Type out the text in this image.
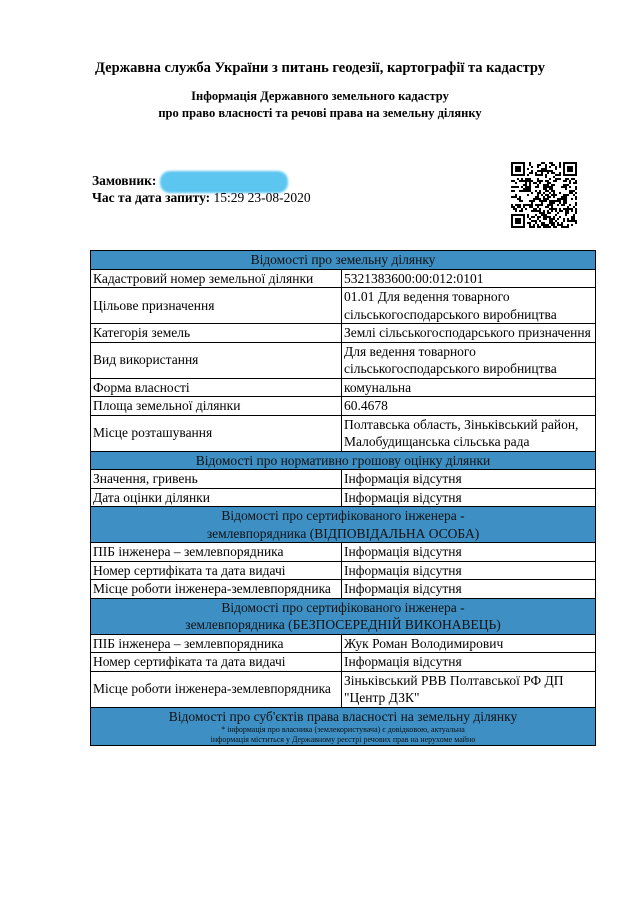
Державна служба України з питань геодезії, картографії та кадастру
Інформація Державного земельного кадастру
про право власності та речові права на земельну ділянку
Замовник:
Час та дата запиту: 15:29 23-08-2020
Відомості про земельну ділянку	
Кадастровий номер земельної ділянки	5321383600:00:012:0101
Цільове призначення	01.01 Для ведення товарного сільськогосподарського виробництва
Категорія земель	Землі сільськогосподарського призначення
Вид використання	Для ведення товарного сільськогосподарського виробництва
Форма власності	комунальна
Площа земельної ділянки	60.4678
Місце розташування	Полтавська область, Зіньківський район, Малобудищанська сільська рада
Відомості про нормативно грошову оцінку ділянки	
Значення, гривень	Інформація відсутня
Дата оцінки ділянки	Інформація відсутня

Відомості про сертифікованого інженера -
землевпорядника (ВІДПОВІДАЛЬНА ОСОБА)	

ПІБ інженера – землевпорядника	Інформація відсутня
Номер сертифіката та дата видачі	Інформація відсутня
Місце роботи інженера-землевпорядника	Інформація відсутня

Відомості про сертифікованого інженера -
землевпорядника (БЕЗПОСЕРЕДНІЙ ВИКОНАВЕЦЬ)	

ПІБ інженера – землевпорядника	Жук Роман Володимирович
Номер сертифіката та дата видачі	Інформація відсутня
Місце роботи інженера-землевпорядника	Зіньківський РВВ Полтавської РФ ДП "Центр ДЗК"

Відомості про суб'єктів права власності на земельну ділянку
* інформація про власника (землекористувача) є довідковою, актуальна
інформація міститься у Державному реєстрі речових прав на нерухоме майно	
